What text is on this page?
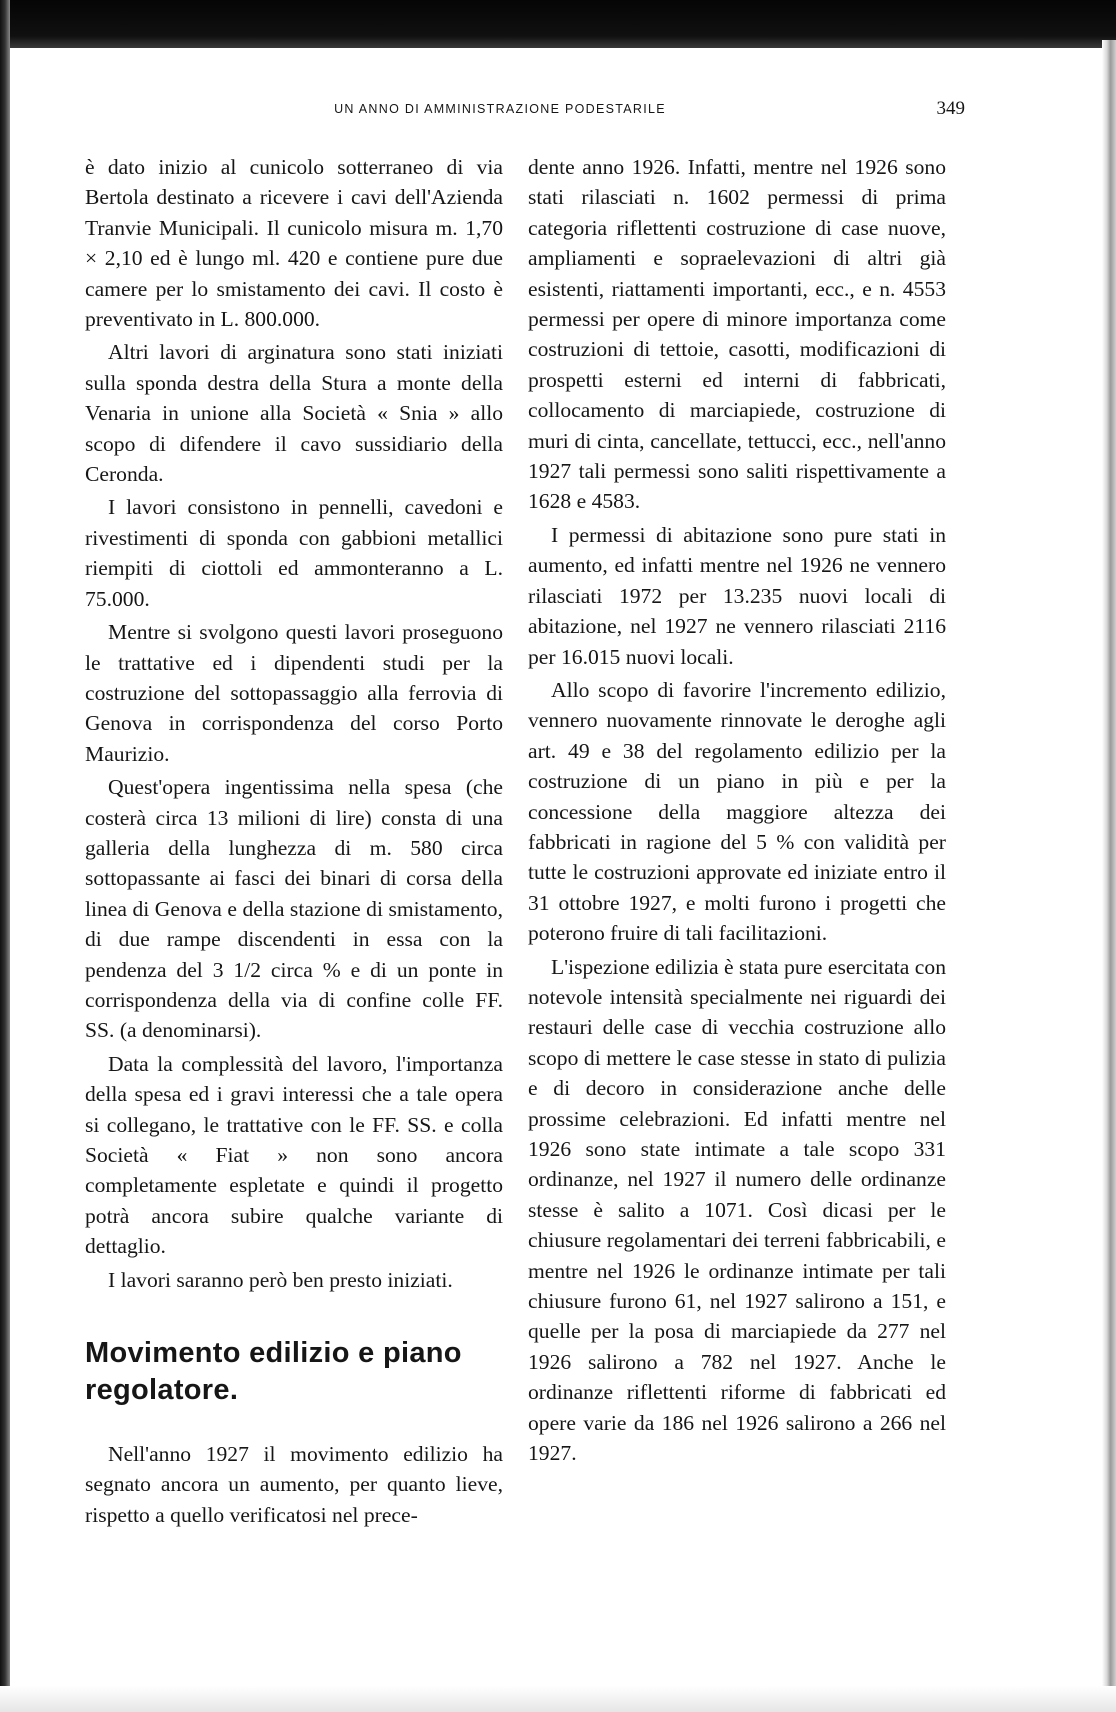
UN ANNO DI AMMINISTRAZIONE PODESTARILE	349

è dato inizio al cunicolo sotterraneo di via Bertola destinato a ricevere i cavi dell'Azienda Tranvie Municipali. Il cunicolo misura m. 1,70 × 2,10 ed è lungo ml. 420 e contiene pure due camere per lo smistamento dei cavi. Il costo è preventivato in L. 800.000.

Altri lavori di arginatura sono stati iniziati sulla sponda destra della Stura a monte della Venaria in unione alla Società « Snia » allo scopo di difendere il cavo sussidiario della Ceronda.

I lavori consistono in pennelli, cavedoni e rivestimenti di sponda con gabbioni metallici riempiti di ciottoli ed ammonteranno a L. 75.000.

Mentre si svolgono questi lavori proseguono le trattative ed i dipendenti studi per la costruzione del sottopassaggio alla ferrovia di Genova in corrispondenza del corso Porto Maurizio.

Quest'opera ingentissima nella spesa (che costerà circa 13 milioni di lire) consta di una galleria della lunghezza di m. 580 circa sottopassante ai fasci dei binari di corsa della linea di Genova e della stazione di smistamento, di due rampe discendenti in essa con la pendenza del 3 1/2 circa % e di un ponte in corrispondenza della via di confine colle FF. SS. (a denominarsi).

Data la complessità del lavoro, l'importanza della spesa ed i gravi interessi che a tale opera si collegano, le trattative con le FF. SS. e colla Società « Fiat » non sono ancora completamente espletate e quindi il progetto potrà ancora subire qualche variante di dettaglio.

I lavori saranno però ben presto iniziati.

Movimento edilizio e piano regolatore.

Nell'anno 1927 il movimento edilizio ha segnato ancora un aumento, per quanto lieve, rispetto a quello verificatosi nel prece-

dente anno 1926. Infatti, mentre nel 1926 sono stati rilasciati n. 1602 permessi di prima categoria riflettenti costruzione di case nuove, ampliamenti e sopraelevazioni di altri già esistenti, riattamenti importanti, ecc., e n. 4553 permessi per opere di minore importanza come costruzioni di tettoie, casotti, modificazioni di prospetti esterni ed interni di fabbricati, collocamento di marciapiede, costruzione di muri di cinta, cancellate, tettucci, ecc., nell'anno 1927 tali permessi sono saliti rispettivamente a 1628 e 4583.

I permessi di abitazione sono pure stati in aumento, ed infatti mentre nel 1926 ne vennero rilasciati 1972 per 13.235 nuovi locali di abitazione, nel 1927 ne vennero rilasciati 2116 per 16.015 nuovi locali.

Allo scopo di favorire l'incremento edilizio, vennero nuovamente rinnovate le deroghe agli art. 49 e 38 del regolamento edilizio per la costruzione di un piano in più e per la concessione della maggiore altezza dei fabbricati in ragione del 5 % con validità per tutte le costruzioni approvate ed iniziate entro il 31 ottobre 1927, e molti furono i progetti che poterono fruire di tali facilitazioni.

L'ispezione edilizia è stata pure esercitata con notevole intensità specialmente nei riguardi dei restauri delle case di vecchia costruzione allo scopo di mettere le case stesse in stato di pulizia e di decoro in considerazione anche delle prossime celebrazioni. Ed infatti mentre nel 1926 sono state intimate a tale scopo 331 ordinanze, nel 1927 il numero delle ordinanze stesse è salito a 1071. Così dicasi per le chiusure regolamentari dei terreni fabbricabili, e mentre nel 1926 le ordinanze intimate per tali chiusure furono 61, nel 1927 salirono a 151, e quelle per la posa di marciapiede da 277 nel 1926 salirono a 782 nel 1927. Anche le ordinanze riflettenti riforme di fabbricati ed opere varie da 186 nel 1926 salirono a 266 nel 1927.
